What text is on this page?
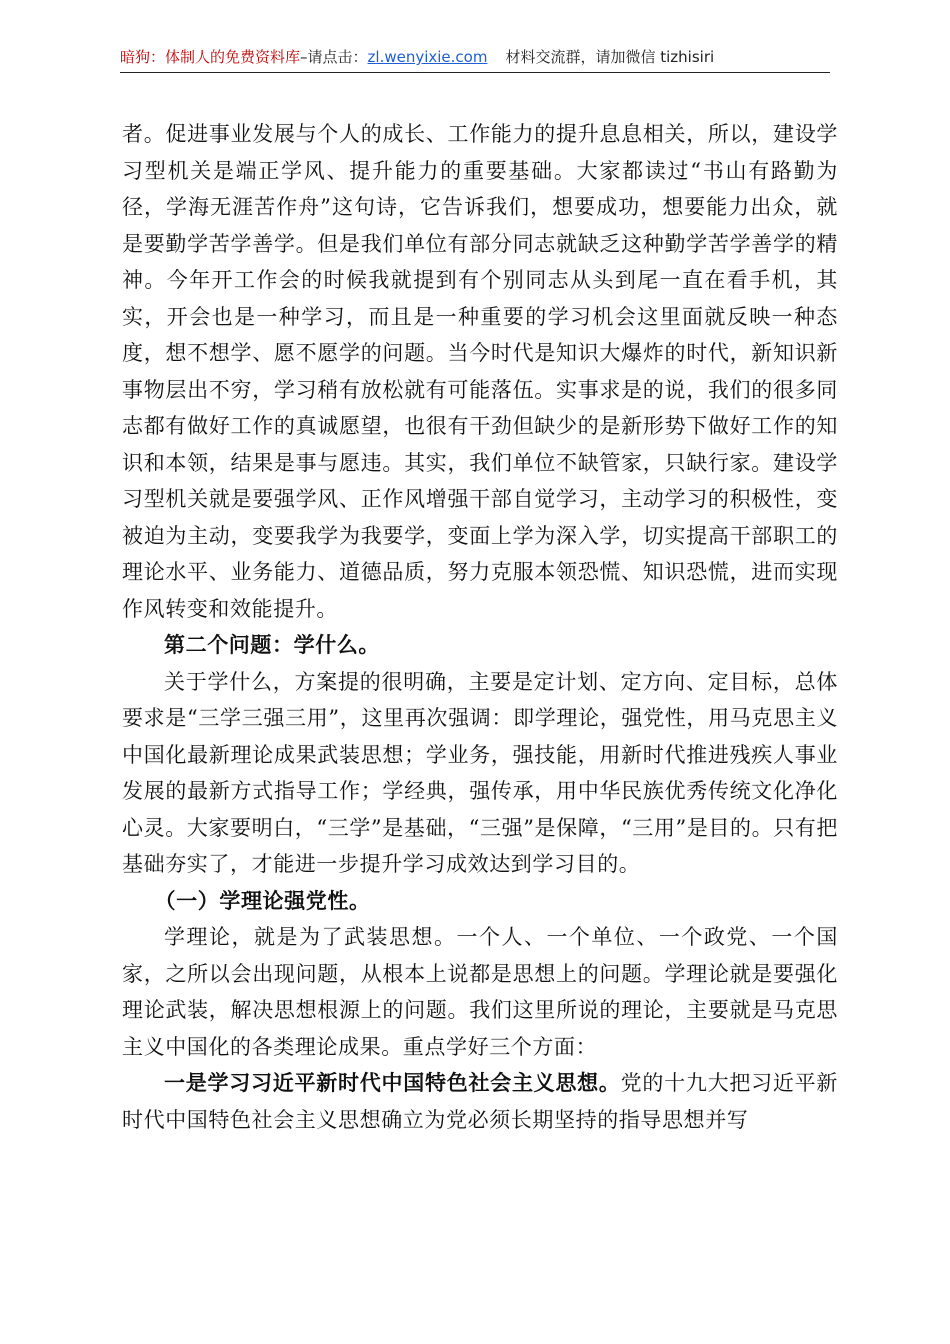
暗狗：体制人的免费资料库–请点击：zl.wenyixie.com 材料交流群，请加微信 tizhisiri

者。促进事业发展与个人的成长、工作能力的提升息息相关，所以，建设学习型机关是端正学风、提升能力的重要基础。大家都读过“书山有路勤为径，学海无涯苦作舟”这句诗，它告诉我们，想要成功，想要能力出众，就是要勤学苦学善学。但是我们单位有部分同志就缺乏这种勤学苦学善学的精神。今年开工作会的时候我就提到有个别同志从头到尾一直在看手机，其实，开会也是一种学习，而且是一种重要的学习机会这里面就反映一种态度，想不想学、愿不愿学的问题。当今时代是知识大爆炸的时代，新知识新事物层出不穷，学习稍有放松就有可能落伍。实事求是的说，我们的很多同志都有做好工作的真诚愿望，也很有干劲但缺少的是新形势下做好工作的知识和本领，结果是事与愿违。其实，我们单位不缺管家，只缺行家。建设学习型机关就是要强学风、正作风增强干部自觉学习，主动学习的积极性，变被迫为主动，变要我学为我要学，变面上学为深入学，切实提高干部职工的理论水平、业务能力、道德品质，努力克服本领恐慌、知识恐慌，进而实现作风转变和效能提升。

第二个问题：学什么。

关于学什么，方案提的很明确，主要是定计划、定方向、定目标，总体要求是“三学三强三用”，这里再次强调：即学理论，强党性，用马克思主义中国化最新理论成果武装思想；学业务，强技能，用新时代推进残疾人事业发展的最新方式指导工作；学经典，强传承，用中华民族优秀传统文化净化心灵。大家要明白，“三学”是基础，“三强”是保障，“三用”是目的。只有把基础夯实了，才能进一步提升学习成效达到学习目的。

（一）学理论强党性。

学理论，就是为了武装思想。一个人、一个单位、一个政党、一个国家，之所以会出现问题，从根本上说都是思想上的问题。学理论就是要强化理论武装，解决思想根源上的问题。我们这里所说的理论，主要就是马克思主义中国化的各类理论成果。重点学好三个方面：

一是学习习近平新时代中国特色社会主义思想。党的十九大把习近平新时代中国特色社会主义思想确立为党必须长期坚持的指导思想并写
